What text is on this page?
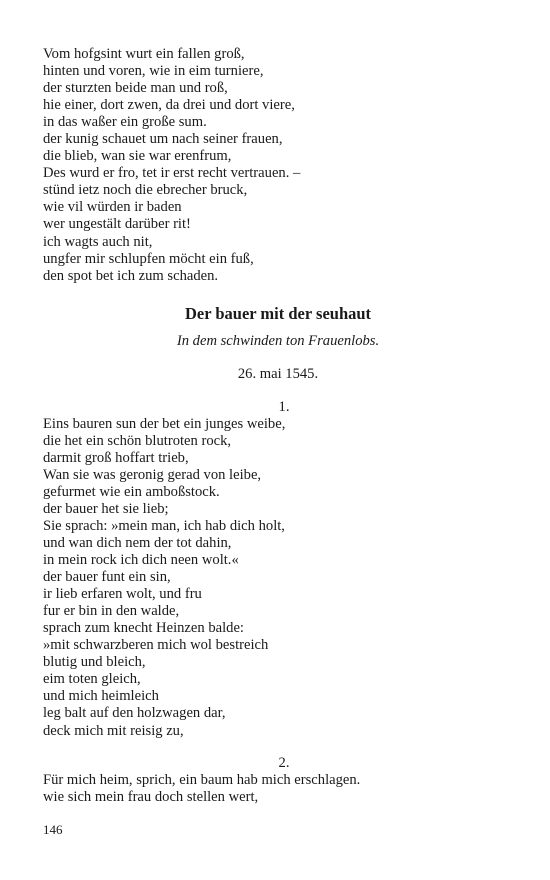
Vom hofgsint wurt ein fallen groß,
hinten und voren, wie in eim turniere,
der sturzten beide man und roß,
hie einer, dort zwen, da drei und dort viere,
in das waßer ein große sum.
der kunig schauet um nach seiner frauen,
die blieb, wan sie war erenfrum,
Des wurd er fro, tet ir erst recht vertrauen. –
stünd ietz noch die ebrecher bruck,
wie vil würden ir baden
wer ungestält darüber rit!
ich wagts auch nit,
ungfer mir schlupfen möcht ein fuß,
den spot bet ich zum schaden.
Der bauer mit der seuhaut
In dem schwinden ton Frauenlobs.
26. mai 1545.
1.
Eins bauren sun der bet ein junges weibe,
die het ein schön blutroten rock,
darmit groß hoffart trieb,
Wan sie was geronig gerad von leibe,
gefurmet wie ein amboßstock.
der bauer het sie lieb;
Sie sprach: »mein man, ich hab dich holt,
und wan dich nem der tot dahin,
in mein rock ich dich neen wolt.«
der bauer funt ein sin,
ir lieb erfaren wolt, und fru
fur er bin in den walde,
sprach zum knecht Heinzen balde:
»mit schwarzberen mich wol bestreich
blutig und bleich,
eim toten gleich,
und mich heimleich
leg balt auf den holzwagen dar,
deck mich mit reisig zu,
2.
Für mich heim, sprich, ein baum hab mich erschlagen.
wie sich mein frau doch stellen wert,
146
